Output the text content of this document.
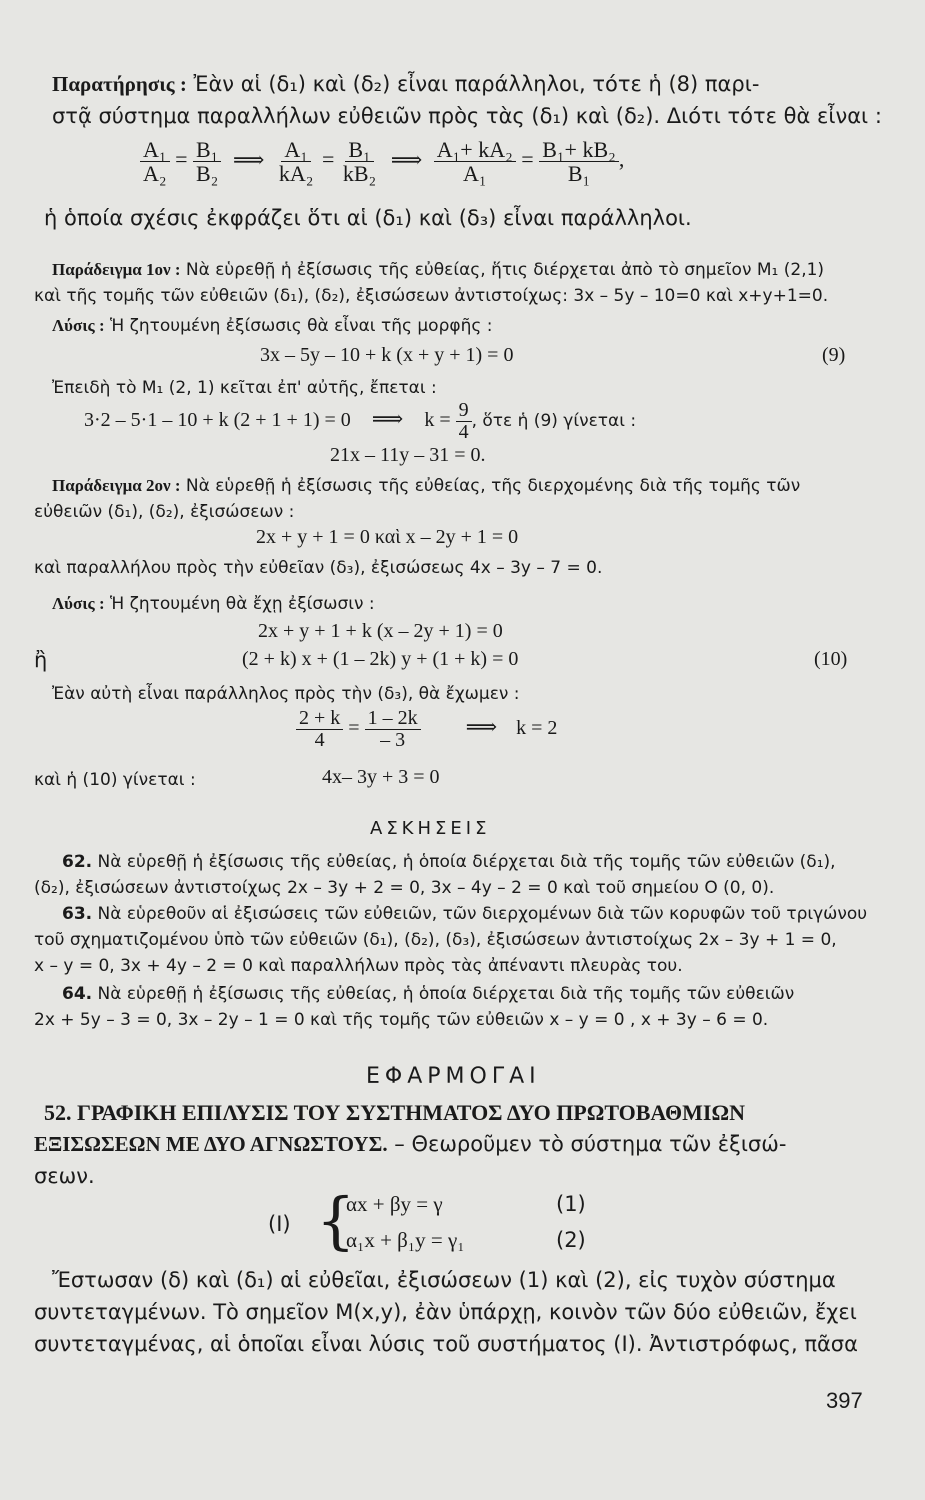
Παρατήρησις : Ἐὰν αἱ (δ₁) καὶ (δ₂) εἶναι παράλληλοι, τότε ἡ (8) παρι-
στᾷ σύστημα παραλλήλων εὐθειῶν πρὸς τὰς (δ₁) καὶ (δ₂). Διότι τότε θὰ εἶναι :
$\frac{\text{A₁}}{\text{A₂}} = \frac{\text{B₁}}{\text{B₂}}$ ⟹ $\frac{\text{A₁}}{\text{kA₂}} = \frac{\text{B₁}}{\text{kB₂}}$ ⟹ $\frac{\text{A₁+ kA₂}}{\text{A₁}} = \frac{\text{B₁+ kB₂}}{\text{B₁}}$ ,
ἡ ὁποία σχέσις ἐκφράζει ὅτι αἱ (δ₁) καὶ (δ₃) εἶναι παράλληλοι.
Παράδειγμα 1ον : Νὰ εὑρεθῇ ἡ ἐξίσωσις τῆς εὐθείας, ἥτις διέρχεται ἀπὸ τὸ σημεῖον M₁ (2,1)
καὶ τῆς τομῆς τῶν εὐθειῶν (δ₁), (δ₂), ἐξισώσεων ἀντιστοίχως: 3x – 5y – 10=0 καὶ x+y+1=0.
Λύσις : Ἡ ζητουμένη ἐξίσωσις θὰ εἶναι τῆς μορφῆς :
3x – 5y – 10 + k (x + y + 1) = 0	(9)
Ἐπειδὴ τὸ M₁ (2, 1) κεῖται ἐπ' αὐτῆς, ἔπεται :
3·2 – 5·1 – 10 + k (2 + 1 + 1) = 0 ⟹ $k = \frac{9}{4}$ , ὅτε ἡ (9) γίνεται :
21x – 11y – 31 = 0.
Παράδειγμα 2ον : Νὰ εὑρεθῇ ἡ ἐξίσωσις τῆς εὐθείας, τῆς διερχομένης διὰ τῆς τομῆς τῶν
εὐθειῶν (δ₁), (δ₂), ἐξισώσεων :
2x + y + 1 = 0 καὶ x – 2y + 1 = 0
καὶ παραλλήλου πρὸς τὴν εὐθεῖαν (δ₃), ἐξισώσεως 4x – 3y – 7 = 0.
Λύσις : Ἡ ζητουμένη θὰ ἔχῃ ἐξίσωσιν :
2x + y + 1 + k (x – 2y + 1) = 0
ἢ	(2 + k) x + (1 – 2k) y + (1 + k) = 0	(10)
Ἐὰν αὐτὴ εἶναι παράλληλος πρὸς τὴν (δ₃), θὰ ἔχωμεν :
$\frac{2 + k}{4} = \frac{1 - 2k}{- 3}$ ⟹ k = 2
καὶ ἡ (10) γίνεται :	4x– 3y + 3 = 0
ΑΣΚΗΣΕΙΣ
62. Νὰ εὑρεθῇ ἡ ἐξίσωσις τῆς εὐθείας, ἡ ὁποία διέρχεται διὰ τῆς τομῆς τῶν εὐθειῶν (δ₁),
(δ₂), ἐξισώσεων ἀντιστοίχως 2x – 3y + 2 = 0, 3x – 4y – 2 = 0 καὶ τοῦ σημείου O (0, 0).
63. Νὰ εὑρεθοῦν αἱ ἐξισώσεις τῶν εὐθειῶν, τῶν διερχομένων διὰ τῶν κορυφῶν τοῦ τριγώνου
τοῦ σχηματιζομένου ὑπὸ τῶν εὐθειῶν (δ₁), (δ₂), (δ₃), ἐξισώσεων ἀντιστοίχως 2x – 3y + 1 = 0,
x – y = 0, 3x + 4y – 2 = 0 καὶ παραλλήλων πρὸς τὰς ἀπέναντι πλευρὰς του.
64. Νὰ εὑρεθῇ ἡ ἐξίσωσις τῆς εὐθείας, ἡ ὁποία διέρχεται διὰ τῆς τομῆς τῶν εὐθειῶν
2x + 5y – 3 = 0, 3x – 2y – 1 = 0 καὶ τῆς τομῆς τῶν εὐθειῶν x – y = 0 , x + 3y – 6 = 0.
ΕΦΑΡΜΟΓΑΙ
52. ΓΡΑΦΙΚΗ ΕΠΙΛΥΣΙΣ ΤΟΥ ΣΥΣΤΗΜΑΤΟΣ ΔΥΟ ΠΡΩΤΟΒΑΘΜΙΩΝ
ΕΞΙΣΩΣΕΩΝ ΜΕ ΔΥΟ ΑΓΝΩΣΤΟΥΣ. – Θεωροῦμεν τὸ σύστημα τῶν ἐξισώ-
σεων.
(I) {
αx + βy = γ	(1)
α₁x + β₁y = γ₁	(2)
Ἔστωσαν (δ) καὶ (δ₁) αἱ εὐθεῖαι, ἐξισώσεων (1) καὶ (2), εἰς τυχὸν σύστημα
συντεταγμένων. Τὸ σημεῖον M(x,y), ἐὰν ὑπάρχῃ, κοινὸν τῶν δύο εὐθειῶν, ἔχει
συντεταγμένας, αἱ ὁποῖαι εἶναι λύσις τοῦ συστήματος (I). Ἀντιστρόφως, πᾶσα
397
